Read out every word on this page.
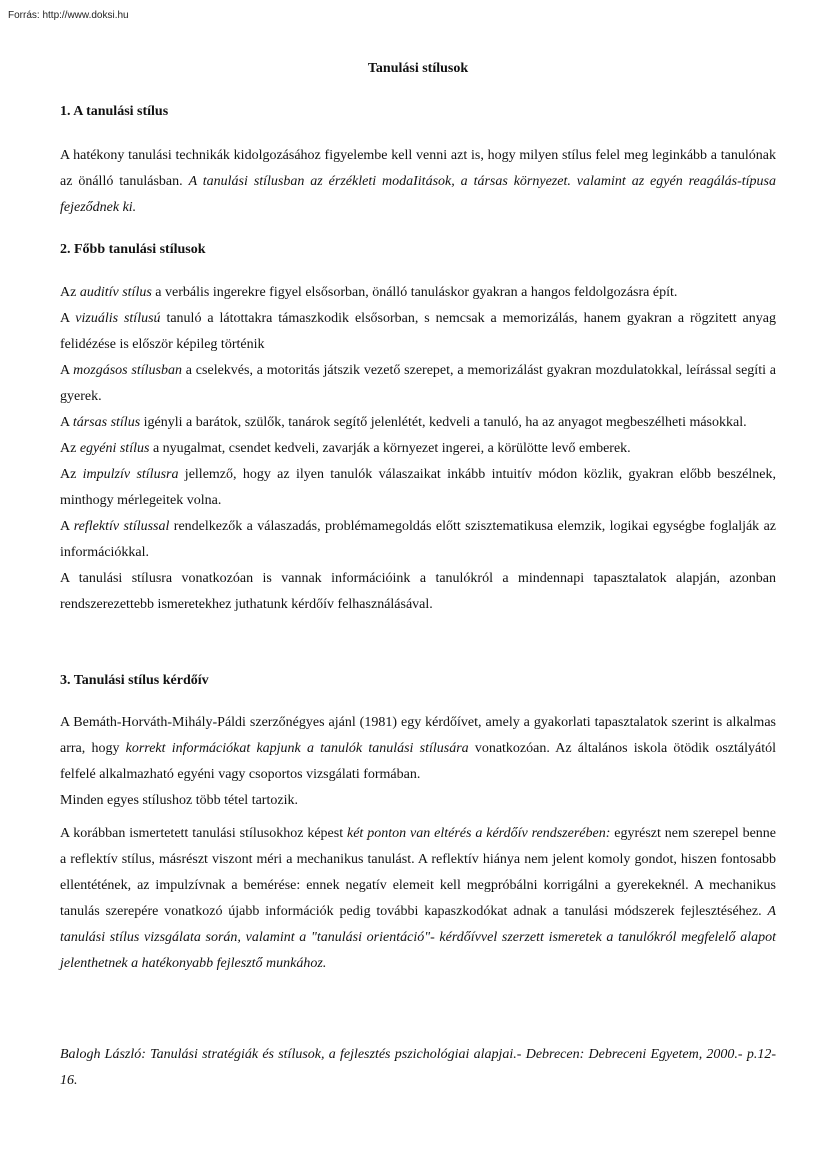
Forrás: http://www.doksi.hu
Tanulási stílusok
1. A tanulási stílus

A hatékony tanulási technikák kidolgozásához figyelembe kell venni azt is, hogy milyen stílus felel meg leginkább a tanulónak az önálló tanulásban. A tanulási stílusban az érzékleti modaIitások, a társas környezet. valamint az egyén reagálás-típusa fejeződnek ki.

2. Főbb tanulási stílusok

Az auditív stílus a verbális ingerekre figyel elsősorban, önálló tanuláskor gyakran a hangos feldolgozásra épít.

A vizuális stílusú tanuló a látottakra támaszkodik elsősorban, s nemcsak a memorizálás, hanem gyakran a rögzitett anyag felidézése is először képileg történik

A mozgásos stílusban a cselekvés, a motoritás játszik vezető szerepet, a memorizálást gyakran mozdulatokkal, leírással segíti a gyerek.

A társas stílus igényli a barátok, szülők, tanárok segítő jelenlétét, kedveli a tanuló, ha az anyagot megbeszélheti másokkal.

Az egyéni stílus a nyugalmat, csendet kedveli, zavarják a környezet ingerei, a körülötte levő emberek.

Az impulzív stílusra jellemző, hogy az ilyen tanulók válaszaikat inkább intuitív módon közlik, gyakran előbb beszélnek, minthogy mérlegeitek volna.

A reflektív stílussal rendelkezők a válaszadás, problémamegoldás előtt szisztematikusa elemzik, logikai egységbe foglalják az információkkal.

A tanulási stílusra vonatkozóan is vannak információink a tanulókról a mindennapi tapasztalatok alapján, azonban rendszerezettebb ismeretekhez juthatunk kérdőív felhasználásával.

3. Tanulási stílus kérdőív

A Bemáth-Horváth-Mihály-Páldi szerzőnégyes ajánl (1981) egy kérdőívet, amely a gyakorlati tapasztalatok szerint is alkalmas arra, hogy korrekt információkat kapjunk a tanulók tanulási stílusára vonatkozóan. Az általános iskola ötödik osztályától felfelé alkalmazható egyéni vagy csoportos vizsgálati formában.

Minden egyes stílushoz több tétel tartozik.

A korábban ismertetett tanulási stílusokhoz képest két ponton van eltérés a kérdőív rendszerében: egyrészt nem szerepel benne a reflektív stílus, másrészt viszont méri a mechanikus tanulást. A reflektív hiánya nem jelent komoly gondot, hiszen fontosabb ellentétének, az impulzívnak a bemérése: ennek negatív elemeit kell megpróbálni korrigálni a gyerekeknél. A mechanikus tanulás szerepére vonatkozó újabb információk pedig további kapaszkodókat adnak a tanulási módszerek fejlesztéséhez. A tanulási stílus vizsgálata során, valamint a "tanulási orientáció"- kérdőívvel szerzett ismeretek a tanulókról megfelelő alapot jelenthetnek a hatékonyabb fejlesztő munkához.

Balogh László: Tanulási stratégiák és stílusok, a fejlesztés pszichológiai alapjai.- Debrecen: Debreceni Egyetem, 2000.- p.12-16.
